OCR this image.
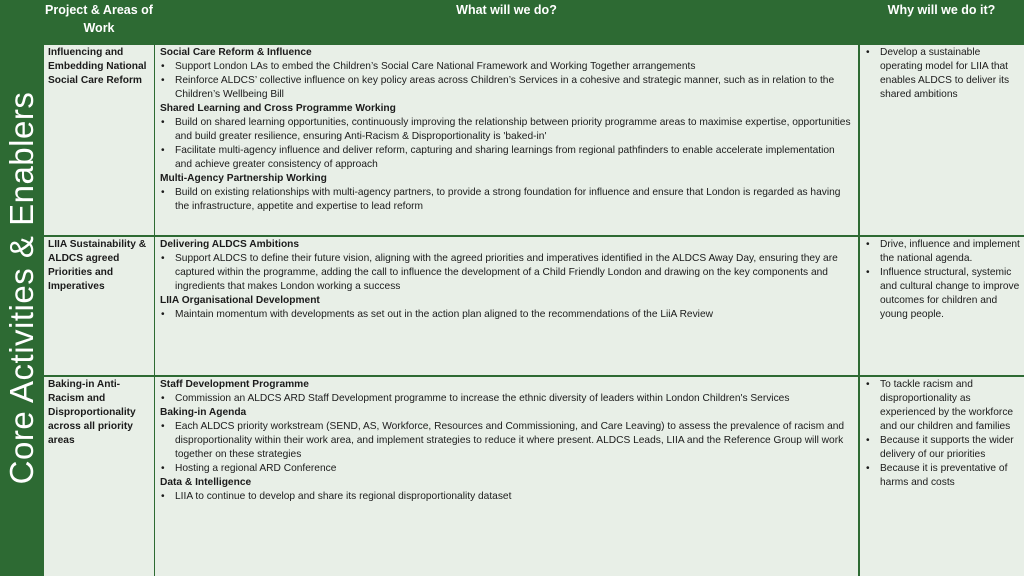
Core Activities & Enablers
Project & Areas of Work
What will we do?	Why will we do it?
Influencing and Embedding National Social Care Reform
Social Care Reform & Influence
• Support London LAs to embed the Children’s Social Care National Framework and Working Together arrangements
• Reinforce ALDCS’ collective influence on key policy areas across Children’s Services in a cohesive and strategic manner, such as in relation to the Children’s Wellbeing Bill
Shared Learning and Cross Programme Working
• Build on shared learning opportunities, continuously improving the relationship between priority programme areas to maximise expertise, opportunities and build greater resilience, ensuring Anti-Racism & Disproportionality is 'baked-in'
• Facilitate multi-agency influence and deliver reform, capturing and sharing learnings from regional pathfinders to enable accelerate implementation and achieve greater consistency of approach
Multi-Agency Partnership Working
• Build on existing relationships with multi-agency partners, to provide a strong foundation for influence and ensure that London is regarded as having the infrastructure, appetite and expertise to lead reform
• Develop a sustainable operating model for LIIA that enables ALDCS to deliver its shared ambitions
LIIA Sustainability & ALDCS agreed Priorities and Imperatives
Delivering ALDCS Ambitions
• Support ALDCS to define their future vision, aligning with the agreed priorities and imperatives identified in the ALDCS Away Day, ensuring they are captured within the programme, adding the call to influence the development of a Child Friendly London and drawing on the key components and ingredients that makes London working a success
LIIA Organisational Development
• Maintain momentum with developments as set out in the action plan aligned to the recommendations of the LiiA Review
• Drive, influence and implement the national agenda.
• Influence structural, systemic and cultural change to improve outcomes for children and young people.
Baking-in Anti-Racism and Disproportionality across all priority areas
Staff Development Programme
• Commission an ALDCS ARD Staff Development programme to increase the ethnic diversity of leaders within London Children's Services
Baking-in Agenda
• Each ALDCS priority workstream (SEND, AS, Workforce, Resources and Commissioning, and Care Leaving) to assess the prevalence of racism and disproportionality within their work area, and implement strategies to reduce it where present. ALDCS Leads, LIIA and the Reference Group will work together on these strategies
• Hosting a regional ARD Conference
Data & Intelligence
• LIIA to continue to develop and share its regional disproportionality dataset
• To tackle racism and disproportionality as experienced by the workforce and our children and families
• Because it supports the wider delivery of our priorities
• Because it is preventative of harms and costs
